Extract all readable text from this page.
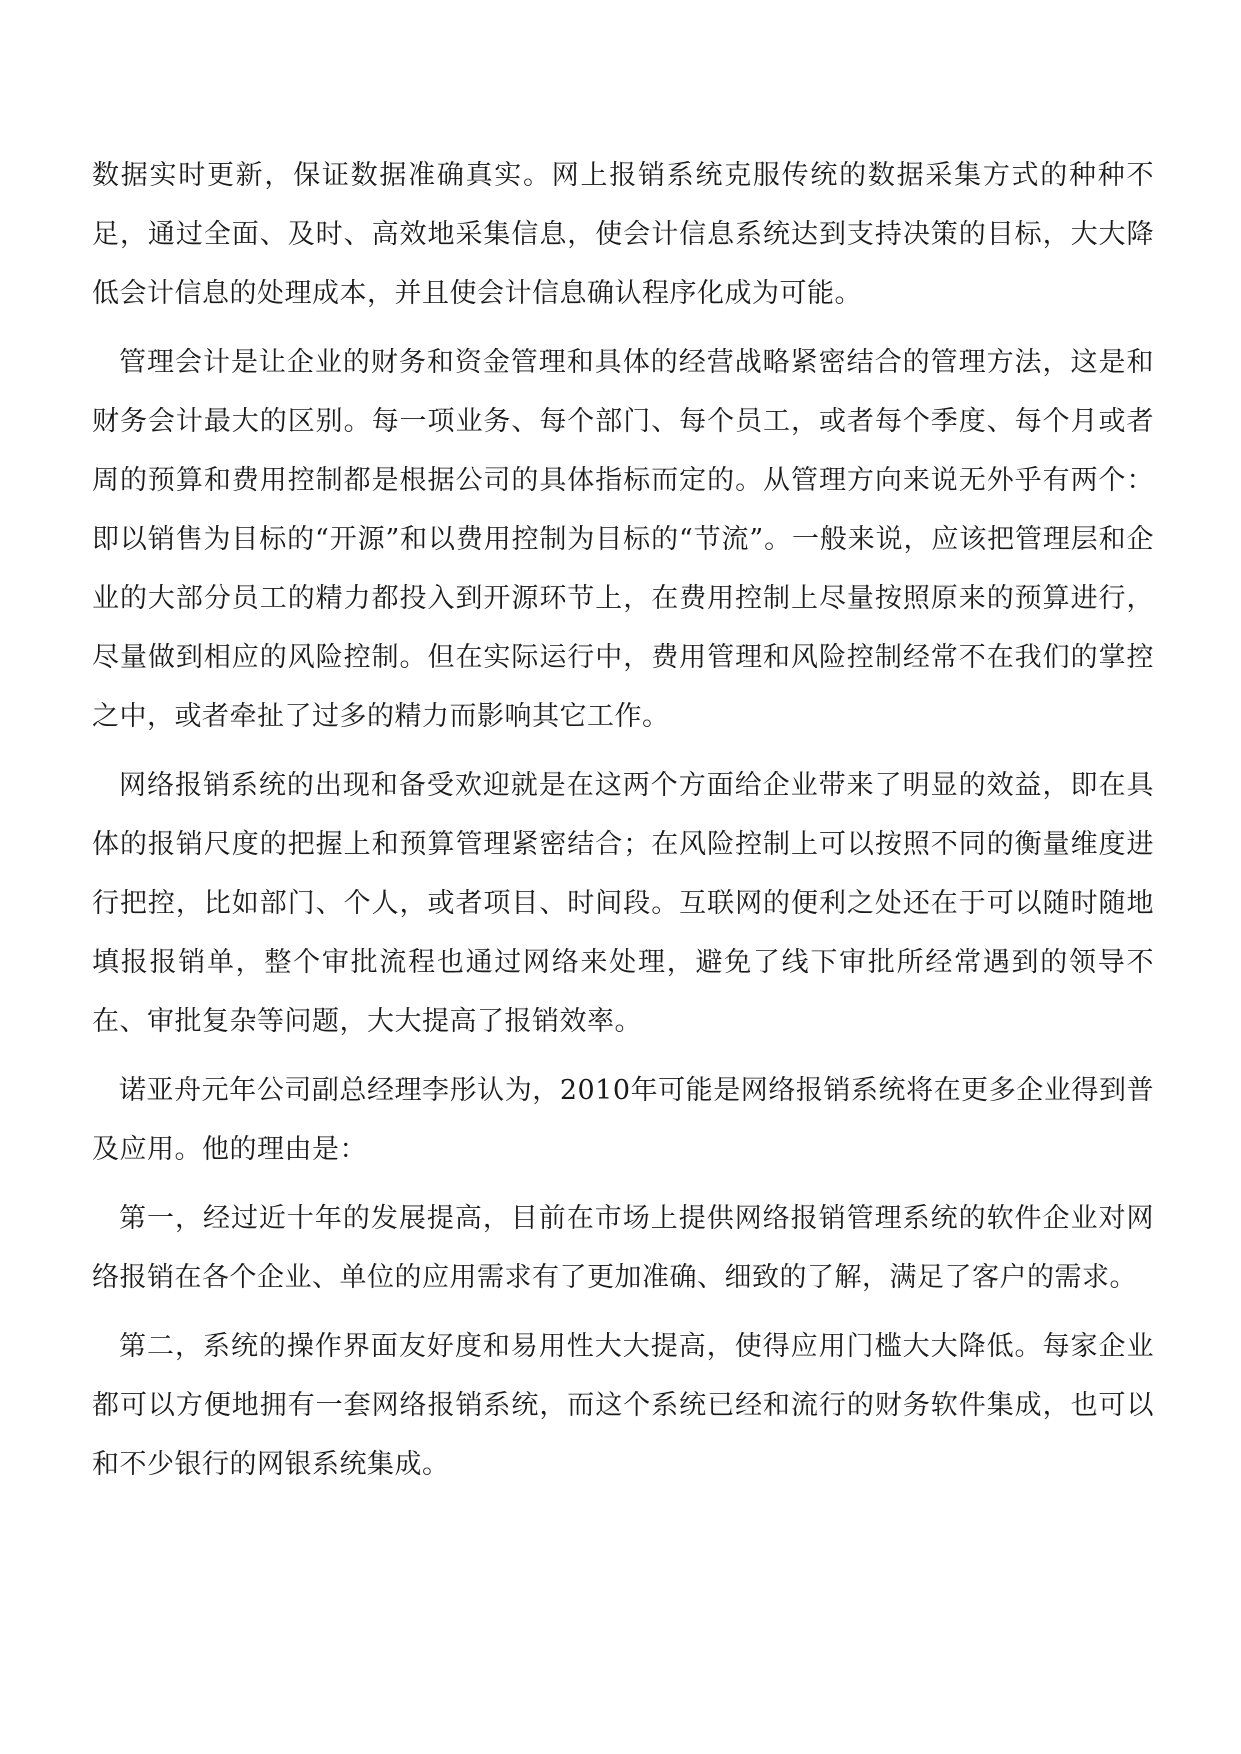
数据实时更新，保证数据准确真实。网上报销系统克服传统的数据采集方式的种种不足，通过全面、及时、高效地采集信息，使会计信息系统达到支持决策的目标，大大降低会计信息的处理成本，并且使会计信息确认程序化成为可能。

管理会计是让企业的财务和资金管理和具体的经营战略紧密结合的管理方法，这是和财务会计最大的区别。每一项业务、每个部门、每个员工，或者每个季度、每个月或者周的预算和费用控制都是根据公司的具体指标而定的。从管理方向来说无外乎有两个：即以销售为目标的“开源”和以费用控制为目标的“节流”。一般来说，应该把管理层和企业的大部分员工的精力都投入到开源环节上，在费用控制上尽量按照原来的预算进行，尽量做到相应的风险控制。但在实际运行中，费用管理和风险控制经常不在我们的掌控之中，或者牵扯了过多的精力而影响其它工作。

网络报销系统的出现和备受欢迎就是在这两个方面给企业带来了明显的效益，即在具体的报销尺度的把握上和预算管理紧密结合；在风险控制上可以按照不同的衡量维度进行把控，比如部门、个人，或者项目、时间段。互联网的便利之处还在于可以随时随地填报报销单，整个审批流程也通过网络来处理，避免了线下审批所经常遇到的领导不在、审批复杂等问题，大大提高了报销效率。

诺亚舟元年公司副总经理李彤认为，2010年可能是网络报销系统将在更多企业得到普及应用。他的理由是：

第一，经过近十年的发展提高，目前在市场上提供网络报销管理系统的软件企业对网络报销在各个企业、单位的应用需求有了更加准确、细致的了解，满足了客户的需求。

第二，系统的操作界面友好度和易用性大大提高，使得应用门槛大大降低。每家企业都可以方便地拥有一套网络报销系统，而这个系统已经和流行的财务软件集成，也可以和不少银行的网银系统集成。
